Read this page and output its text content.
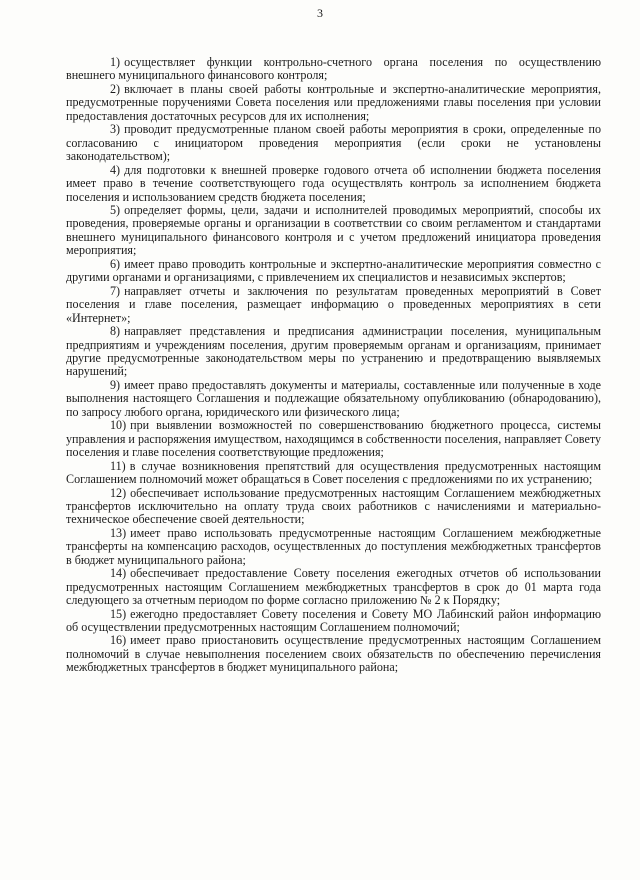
3

1) осуществляет функции контрольно-счетного органа поселения по осуществлению внешнего муниципального финансового контроля;

2) включает в планы своей работы контрольные и экспертно-аналитические мероприятия, предусмотренные поручениями Совета поселения или предложениями главы поселения при условии предоставления достаточных ресурсов для их исполнения;

3) проводит предусмотренные планом своей работы мероприятия в сроки, определенные по согласованию с инициатором проведения мероприятия (если сроки не установлены законодательством);

4) для подготовки к внешней проверке годового отчета об исполнении бюджета поселения имеет право в течение соответствующего года осуществлять контроль за исполнением бюджета поселения и использованием средств бюджета поселения;

5) определяет формы, цели, задачи и исполнителей проводимых мероприятий, способы их проведения, проверяемые органы и организации в соответствии со своим регламентом и стандартами внешнего муниципального финансового контроля и с учетом предложений инициатора проведения мероприятия;

6) имеет право проводить контрольные и экспертно-аналитические мероприятия совместно с другими органами и организациями, с привлечением их специалистов и независимых экспертов;

7) направляет отчеты и заключения по результатам проведенных мероприятий в Совет поселения и главе поселения, размещает информацию о проведенных мероприятиях в сети «Интернет»;

8) направляет представления и предписания администрации поселения, муниципальным предприятиям и учреждениям поселения, другим проверяемым органам и организациям, принимает другие предусмотренные законодательством меры по устранению и предотвращению выявляемых нарушений;

9) имеет право предоставлять документы и материалы, составленные или полученные в ходе выполнения настоящего Соглашения и подлежащие обязательному опубликованию (обнародованию), по запросу любого органа, юридического или физического лица;

10) при выявлении возможностей по совершенствованию бюджетного процесса, системы управления и распоряжения имуществом, находящимся в собственности поселения, направляет Совету поселения и главе поселения соответствующие предложения;

11) в случае возникновения препятствий для осуществления предусмотренных настоящим Соглашением полномочий может обращаться в Совет поселения с предложениями по их устранению;

12) обеспечивает использование предусмотренных настоящим Соглашением межбюджетных трансфертов исключительно на оплату труда своих работников с начислениями и материально-техническое обеспечение своей деятельности;

13) имеет право использовать предусмотренные настоящим Соглашением межбюджетные трансферты на компенсацию расходов, осуществленных до поступления межбюджетных трансфертов в бюджет муниципального района;

14) обеспечивает предоставление Совету поселения ежегодных отчетов об использовании предусмотренных настоящим Соглашением межбюджетных трансфертов в срок до 01 марта года следующего за отчетным периодом по форме согласно приложению № 2 к Порядку;

15) ежегодно предоставляет Совету поселения и Совету МО Лабинский район информацию об осуществлении предусмотренных настоящим Соглашением полномочий;

16) имеет право приостановить осуществление предусмотренных настоящим Соглашением полномочий в случае невыполнения поселением своих обязательств по обеспечению перечисления межбюджетных трансфертов в бюджет муниципального района;
